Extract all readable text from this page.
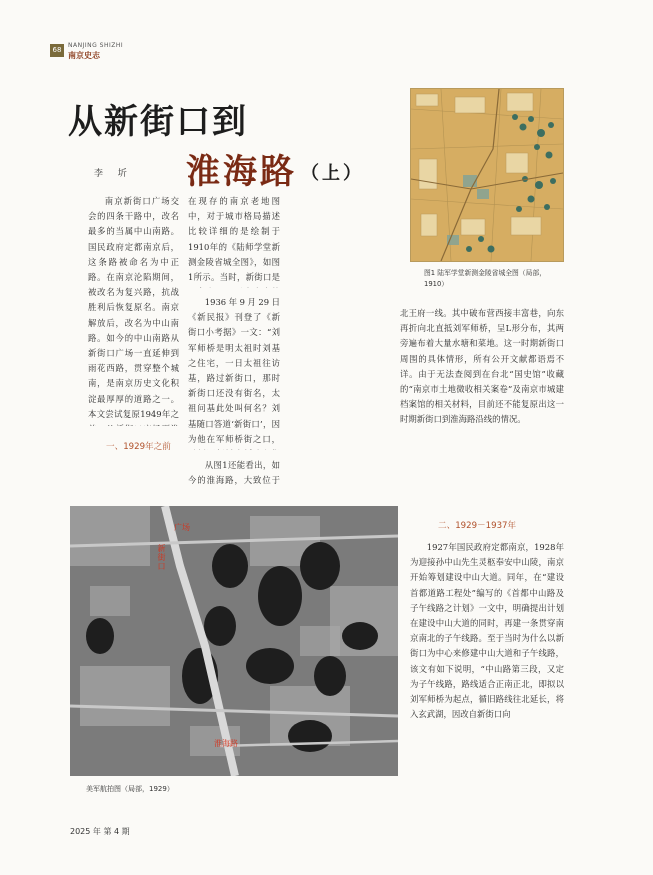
68
NANJING SHIZHI
南京史志
从新街口到
淮海路 （上）
李 圻

南京新街口广场交会的四条干路中，改名最多的当属中山南路。国民政府定都南京后，这条路被命名为中正路。在南京沦陷期间，被改名为复兴路，抗战胜利后恢复原名。南京解放后，改名为中山南路。如今的中山南路从新街口广场一直延伸到雨花西路，贯穿整个城南，是南京历史文化积淀最厚厚的道路之一。本文尝试复原1949年之

一、1929年之前

在现存的南京老地图中，对于城市格局描述比较详细的是绘制于1910年的《陆师学堂新测金陵省城全图》，如图1所示。当时，新街口是

1936年9月29日《新民报》刊登了《新街口小考据》一文：“刘军师桥是明太祖时刘基之住宅，一日太祖往访基，路过新街口，那时新街口还没有街名，太祖问基此处叫何名？刘基随口答道‘新街口’，因为他在军师桥街之口，

从图1还能看出，如今的淮海路，大致位于

图1 陆军学堂新测金陵省城全图（局部，1910）

北王府一线。其中破布营西接丰富巷，向东再折向北直抵刘军师桥，呈L形分布，其两旁遍布着大量水塘和菜地。这一时期新街口周围的具体情形，所有公开文献都语焉不详。由于无法查阅到在台北“国史馆”收藏的“南京市土地微收相关案卷”及南京市城建档案馆的相关材料，目前还不能复原出这一时期新街口到淮海路沿线的情况。

二、1929－1937年

1927年国民政府定都南京，1928年为迎接孙中山先生灵柩奉安中山陵，南京开始筹划建设中山大道。同年，在“建设首都道路工程处”编写的《首都中山路及子午线路之计划》一文中，明确提出计划在建设中山大道的同时，再建一条贯穿南京南北的子午线路。至于当时为什么以新街口为中心来修建中山大道和子午线路，该文有如下说明，“中山路第三段，又定为子午线路，路线适合正南正北，即拟以刘军师桥为起点，循旧路线往北延长，将入玄武湖，因改自新街口向

广场
新街口
淮海路
美军航拍图（局部，1929）
2025 年 第 4 期
